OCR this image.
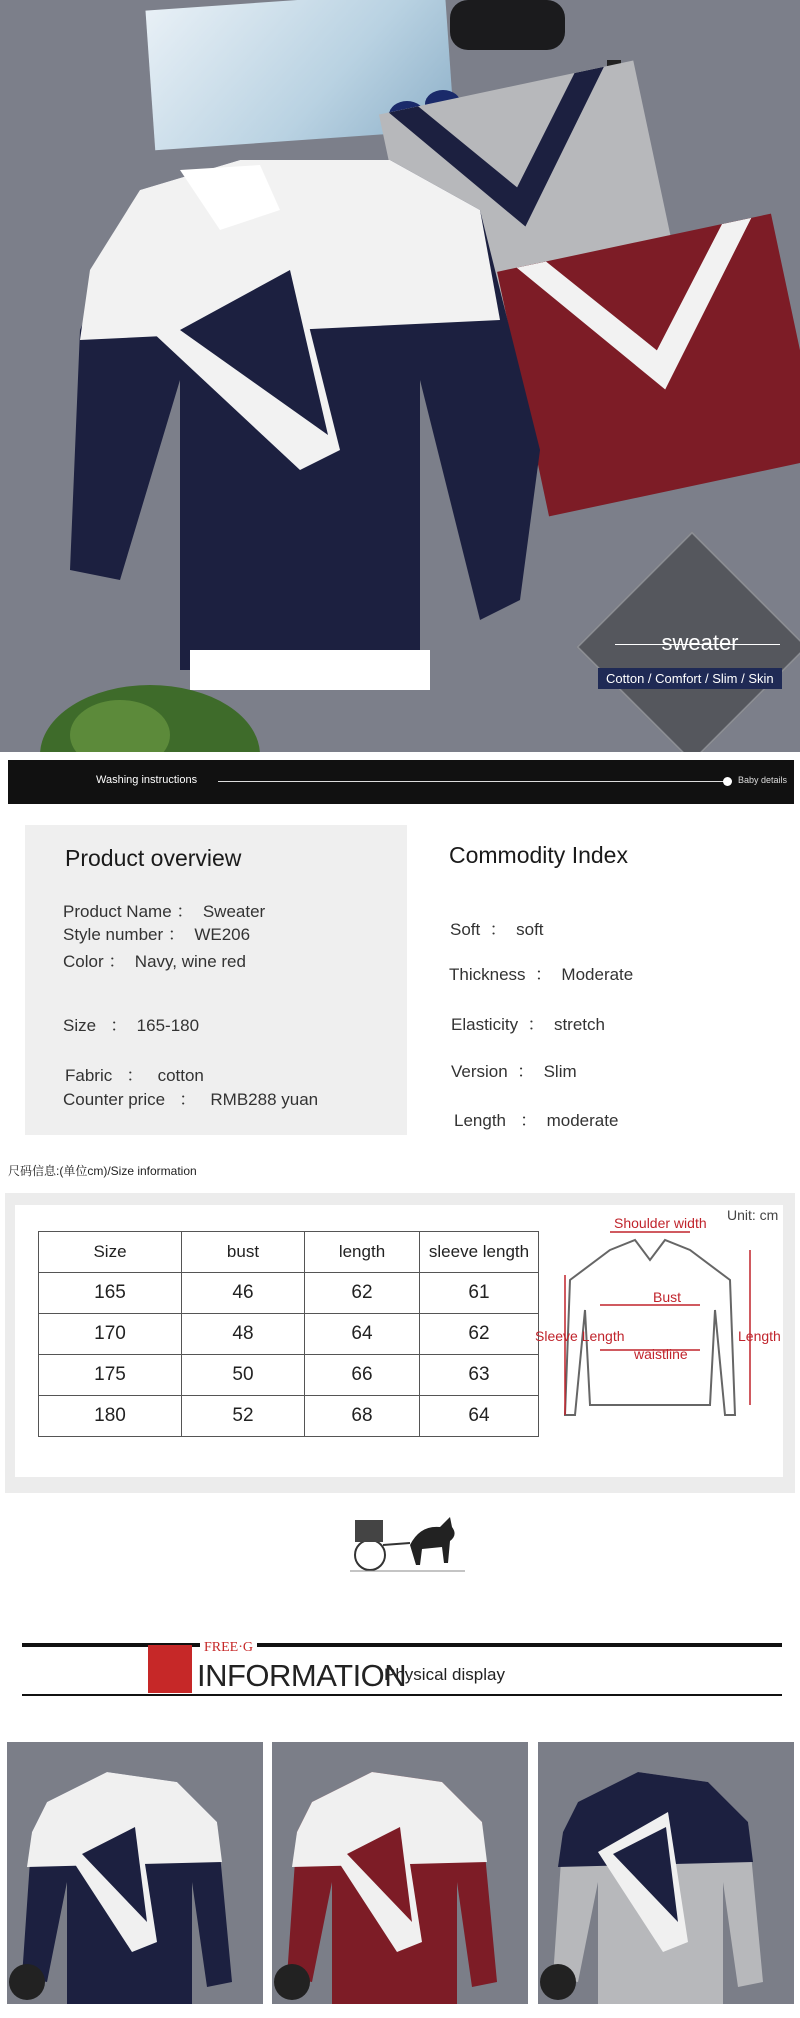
sweater
Cotton / Comfort / Slim / Skin
Washing instructions	Baby details
Product overview
Product Name ：  Sweater
Style number ：  WE206
Color ：  Navy, wine red
Size   ：  165-180
Fabric   ：   cotton
Counter price   ：   RMB288 yuan
Commodity Index
Soft  ：  soft
Thickness  ：  Moderate
Elasticity  ：  stretch
Version  ：  Slim
Length   ：  moderate
尺码信息:(单位cm)/Size information
Size	bust	length	sleeve length
165	46	62	61
170	48	64	62
175	50	66	63
180	52	68	64
Unit: cm
Shoulder width
Bust
Sleeve Length
waistline
Length
FREE·G
INFORMATION
Physical display
